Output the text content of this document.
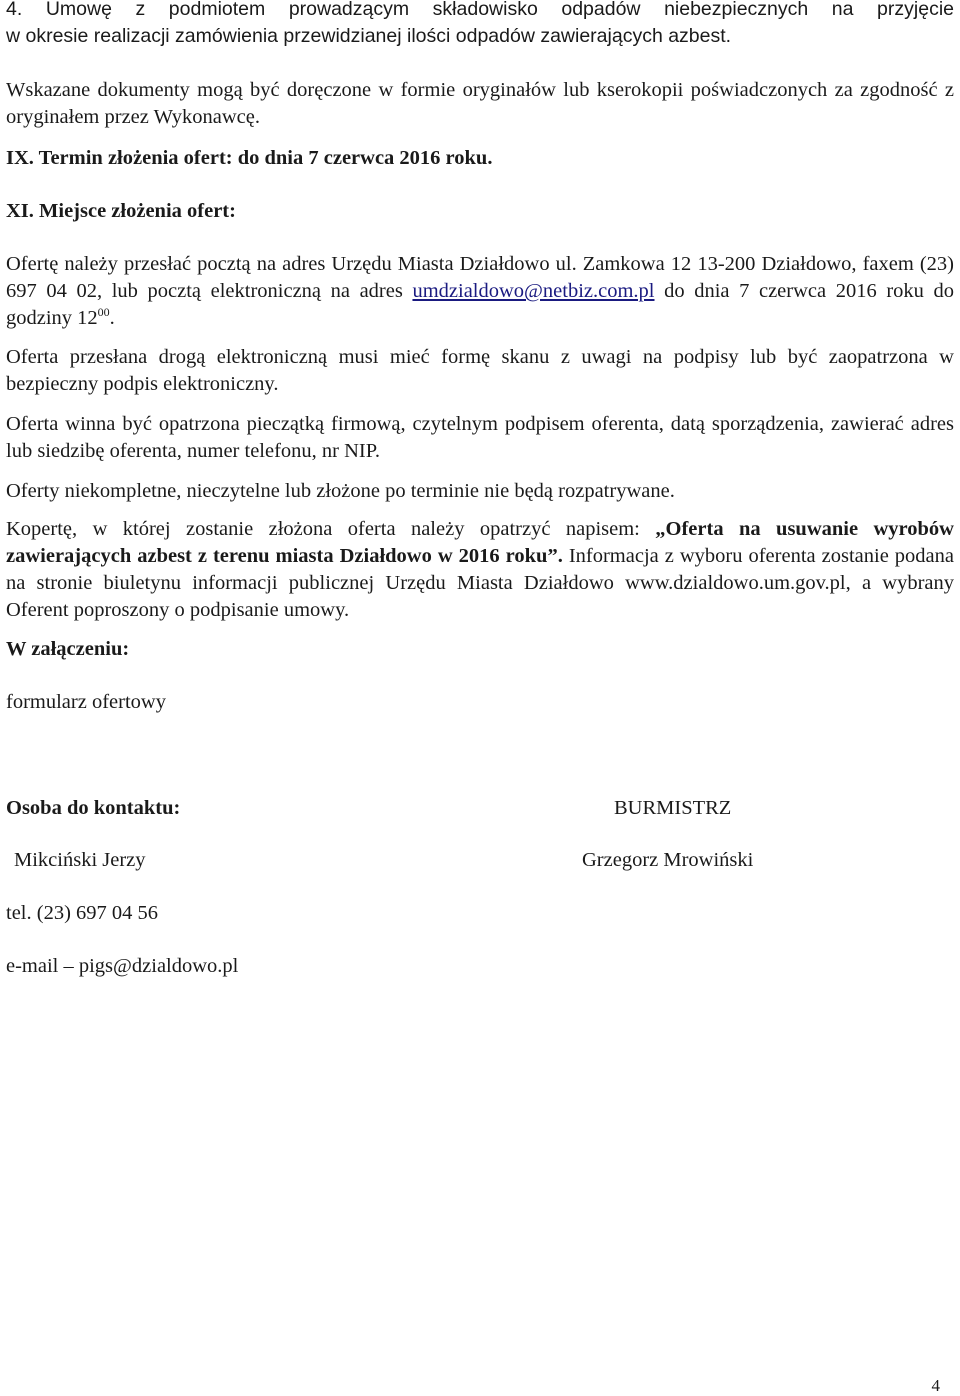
4. Umowę z podmiotem prowadzącym składowisko odpadów niebezpiecznych na przyjęcie
w okresie realizacji zamówienia przewidzianej ilości odpadów zawierających azbest.

Wskazane dokumenty mogą być doręczone w formie oryginałów lub kserokopii poświadczonych za zgodność z oryginałem przez Wykonawcę.

IX. Termin złożenia ofert: do dnia 7 czerwca 2016 roku.

XI. Miejsce złożenia ofert:

Ofertę należy przesłać pocztą na adres Urzędu Miasta Działdowo ul. Zamkowa 12 13-200 Działdowo, faxem (23) 697 04 02, lub pocztą elektroniczną na adres umdzialdowo@netbiz.com.pl do dnia 7 czerwca 2016 roku do godziny $12^{00}$.

Oferta przesłana drogą elektroniczną musi mieć formę skanu z uwagi na podpisy lub być zaopatrzona w bezpieczny podpis elektroniczny.

Oferta winna być opatrzona pieczątką firmową, czytelnym podpisem oferenta, datą sporządzenia, zawierać adres lub siedzibę oferenta, numer telefonu, nr NIP.

Oferty niekompletne, nieczytelne lub złożone po terminie nie będą rozpatrywane.

Kopertę, w której zostanie złożona oferta należy opatrzyć napisem: „Oferta na usuwanie wyrobów zawierających azbest z terenu miasta Działdowo w 2016 roku”. Informacja z wyboru oferenta zostanie podana na stronie biuletynu informacji publicznej Urzędu Miasta Działdowo www.dzialdowo.um.gov.pl, a wybrany Oferent poproszony o podpisanie umowy.

W załączeniu:

formularz ofertowy

Osoba do kontaktu:	BURMISTRZ
Mikciński Jerzy	Grzegorz Mrowiński
tel. (23) 697 04 56
e-mail – pigs@dzialdowo.pl
4
